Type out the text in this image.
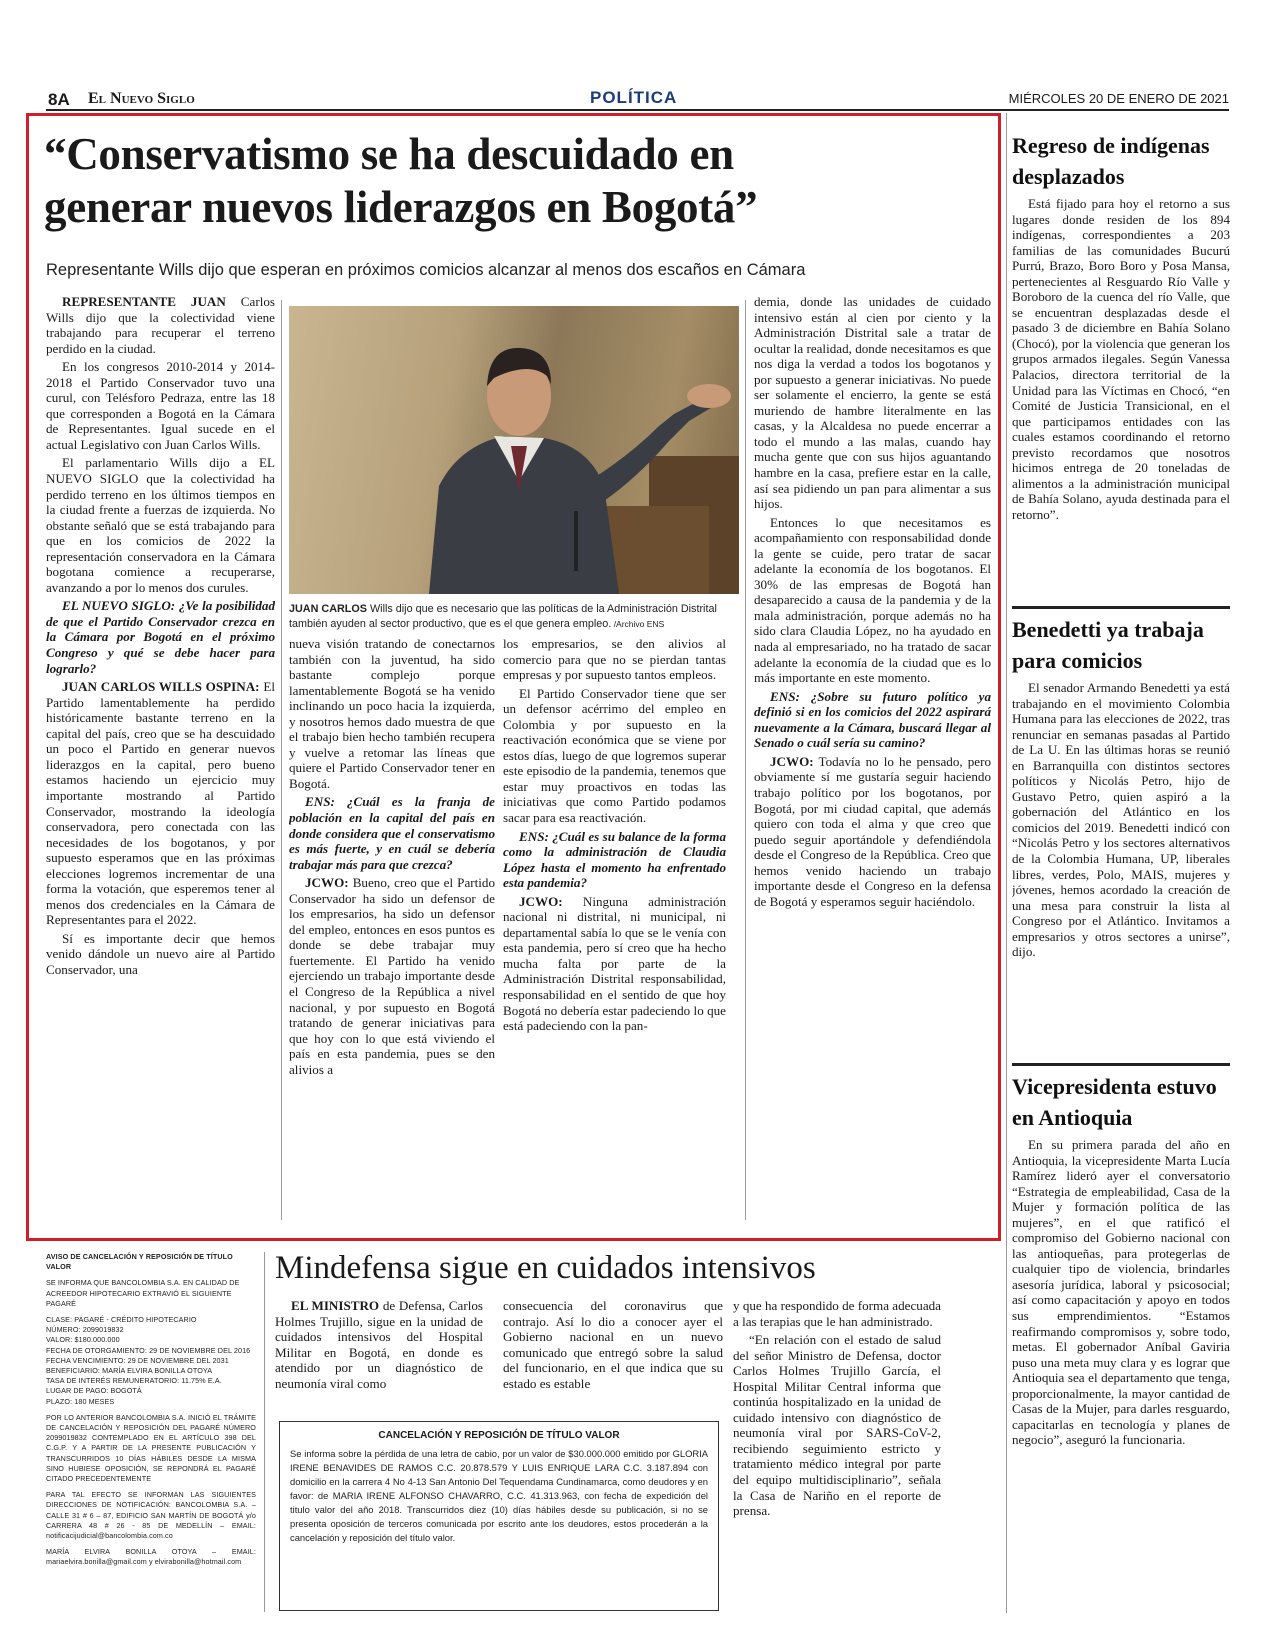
8A El Nuevo Siglo	POLÍTICA	MIÉRCOLES 20 DE ENERO DE 2021
“Conservatismo se ha descuidado en
generar nuevos liderazgos en Bogotá”
Representante Wills dijo que esperan en próximos comicios alcanzar al menos dos escaños en Cámara
JUAN CARLOS Wills dijo que es necesario que las políticas de la Administración Distrital también ayuden al sector productivo, que es el que genera empleo. /Archivo ENS

REPRESENTANTE JUAN Carlos Wills dijo que la colectividad viene trabajando para recuperar el terreno perdido en la ciudad.

En los congresos 2010-2014 y 2014-2018 el Partido Conservador tuvo una curul, con Telésforo Pedraza, entre las 18 que corresponden a Bogotá en la Cámara de Representantes. Igual sucede en el actual Legislativo con Juan Carlos Wills.

El parlamentario Wills dijo a EL NUEVO SIGLO que la colectividad ha perdido terreno en los últimos tiempos en la ciudad frente a fuerzas de izquierda. No obstante señaló que se está trabajando para que en los comicios de 2022 la representación conservadora en la Cámara bogotana comience a recuperarse, avanzando a por lo menos dos curules.

EL NUEVO SIGLO: ¿Ve la posibilidad de que el Partido Conservador crezca en la Cámara por Bogotá en el próximo Congreso y qué se debe hacer para lograrlo?

JUAN CARLOS WILLS OSPINA: El Partido lamentablemente ha perdido históricamente bastante terreno en la capital del país, creo que se ha descuidado un poco el Partido en generar nuevos liderazgos en la capital, pero bueno estamos haciendo un ejercicio muy importante mostrando al Partido Conservador, mostrando la ideología conservadora, pero conectada con las necesidades de los bogotanos, y por supuesto esperamos que en las próximas elecciones logremos incrementar de una forma la votación, que esperemos tener al menos dos credenciales en la Cámara de Representantes para el 2022.

Sí es importante decir que hemos venido dándole un nuevo aire al Partido Conservador, una

nueva visión tratando de conectarnos también con la juventud, ha sido bastante complejo porque lamentablemente Bogotá se ha venido inclinando un poco hacia la izquierda, y nosotros hemos dado muestra de que el trabajo bien hecho también recupera y vuelve a retomar las líneas que quiere el Partido Conservador tener en Bogotá.

ENS: ¿Cuál es la franja de población en la capital del país en donde considera que el conservatismo es más fuerte, y en cuál se debería trabajar más para que crezca?

JCWO: Bueno, creo que el Partido Conservador ha sido un defensor de los empresarios, ha sido un defensor del empleo, entonces en esos puntos es donde se debe trabajar muy fuertemente. El Partido ha venido ejerciendo un trabajo importante desde el Congreso de la República a nivel nacional, y por supuesto en Bogotá tratando de generar iniciativas para que hoy con lo que está viviendo el país en esta pandemia, pues se den alivios a

los empresarios, se den alivios al comercio para que no se pierdan tantas empresas y por supuesto tantos empleos.

El Partido Conservador tiene que ser un defensor acérrimo del empleo en Colombia y por supuesto en la reactivación económica que se viene por estos días, luego de que logremos superar este episodio de la pandemia, tenemos que estar muy proactivos en todas las iniciativas que como Partido podamos sacar para esa reactivación.

ENS: ¿Cuál es su balance de la forma como la administración de Claudia López hasta el momento ha enfrentado esta pandemia?

JCWO: Ninguna administración nacional ni distrital, ni municipal, ni departamental sabía lo que se le venía con esta pandemia, pero sí creo que ha hecho mucha falta por parte de la Administración Distrital responsabilidad, responsabilidad en el sentido de que hoy Bogotá no debería estar padeciendo lo que está padeciendo con la pan-

demia, donde las unidades de cuidado intensivo están al cien por ciento y la Administración Distrital sale a tratar de ocultar la realidad, donde necesitamos es que nos diga la verdad a todos los bogotanos y por supuesto a generar iniciativas. No puede ser solamente el encierro, la gente se está muriendo de hambre literalmente en las casas, y la Alcaldesa no puede encerrar a todo el mundo a las malas, cuando hay mucha gente que con sus hijos aguantando hambre en la casa, prefiere estar en la calle, así sea pidiendo un pan para alimentar a sus hijos.

Entonces lo que necesitamos es acompañamiento con responsabilidad donde la gente se cuide, pero tratar de sacar adelante la economía de los bogotanos. El 30% de las empresas de Bogotá han desaparecido a causa de la pandemia y de la mala administración, porque además no ha sido clara Claudia López, no ha ayudado en nada al empresariado, no ha tratado de sacar adelante la economía de la ciudad que es lo más importante en este momento.

ENS: ¿Sobre su futuro político ya definió si en los comicios del 2022 aspirará nuevamente a la Cámara, buscará llegar al Senado o cuál sería su camino?

JCWO: Todavía no lo he pensado, pero obviamente sí me gustaría seguir haciendo trabajo político por los bogotanos, por Bogotá, por mi ciudad capital, que además quiero con toda el alma y que creo que puedo seguir aportándole y defendiéndola desde el Congreso de la República. Creo que hemos venido haciendo un trabajo importante desde el Congreso en la defensa de Bogotá y esperamos seguir haciéndolo.

Regreso de indígenas desplazados
Está fijado para hoy el retorno a sus lugares donde residen de los 894 indígenas, correspondientes a 203 familias de las comunidades Bucurú Purrú, Brazo, Boro Boro y Posa Mansa, pertenecientes al Resguardo Río Valle y Boroboro de la cuenca del río Valle, que se encuentran desplazadas desde el pasado 3 de diciembre en Bahía Solano (Chocó), por la violencia que generan los grupos armados ilegales. Según Vanessa Palacios, directora territorial de la Unidad para las Víctimas en Chocó, “en Comité de Justicia Transicional, en el que participamos entidades con las cuales estamos coordinando el retorno previsto recordamos que nosotros hicimos entrega de 20 toneladas de alimentos a la administración municipal de Bahía Solano, ayuda destinada para el retorno”.
Benedetti ya trabaja para comicios
El senador Armando Benedetti ya está trabajando en el movimiento Colombia Humana para las elecciones de 2022, tras renunciar en semanas pasadas al Partido de La U. En las últimas horas se reunió en Barranquilla con distintos sectores políticos y Nicolás Petro, hijo de Gustavo Petro, quien aspiró a la gobernación del Atlántico en los comicios del 2019. Benedetti indicó con “Nicolás Petro y los sectores alternativos de la Colombia Humana, UP, liberales libres, verdes, Polo, MAIS, mujeres y jóvenes, hemos acordado la creación de una mesa para construir la lista al Congreso por el Atlántico. Invitamos a empresarios y otros sectores a unirse”, dijo.
Vicepresidenta estuvo en Antioquia
En su primera parada del año en Antioquia, la vicepresidente Marta Lucía Ramírez lideró ayer el conversatorio “Estrategia de empleabilidad, Casa de la Mujer y formación política de las mujeres”, en el que ratificó el compromiso del Gobierno nacional con las antioqueñas, para protegerlas de cualquier tipo de violencia, brindarles asesoría jurídica, laboral y psicosocial; así como capacitación y apoyo en todos sus emprendimientos. “Estamos reafirmando compromisos y, sobre todo, metas. El gobernador Aníbal Gaviria puso una meta muy clara y es lograr que Antioquia sea el departamento que tenga, proporcionalmente, la mayor cantidad de Casas de la Mujer, para darles resguardo, capacitarlas en tecnología y planes de negocio”, aseguró la funcionaria.
AVISO DE CANCELACIÓN Y REPOSICIÓN DE TÍTULO VALOR
SE INFORMA QUE BANCOLOMBIA S.A. EN CALIDAD DE ACREEDOR HIPOTECARIO EXTRAVIÓ EL SIGUIENTE PAGARÉ
CLASE: PAGARÉ - CRÉDITO HIPOTECARIO
NÚMERO: 2099019832
VALOR: $180.000.000
FECHA DE OTORGAMIENTO: 29 DE NOVIEMBRE DEL 2016
FECHA VENCIMIENTO: 29 DE NOVIEMBRE DEL 2031
BENEFICIARIO: MARÍA ELVIRA BONILLA OTOYA
TASA DE INTERÉS REMUNERATORIO: 11.75% E.A.
LUGAR DE PAGO: BOGOTÁ
PLAZO: 180 MESES
POR LO ANTERIOR BANCOLOMBIA S.A. INICIÓ EL TRÁMITE DE CANCELACIÓN Y REPOSICIÓN DEL PAGARÉ NÚMERO 2099019832 CONTEMPLADO EN EL ARTÍCULO 398 DEL C.G.P. Y A PARTIR DE LA PRESENTE PUBLICACIÓN Y TRANSCURRIDOS 10 DÍAS HÁBILES DESDE LA MISMA SINO HUBIESE OPOSICIÓN, SE REPONDRÁ EL PAGARÉ CITADO PRECEDENTEMENTE
PARA TAL EFECTO SE INFORMAN LAS SIGUIENTES DIRECCIONES DE NOTIFICACIÓN: BANCOLOMBIA S.A. – CALLE 31 # 6 – 87, EDIFICIO SAN MARTÍN DE BOGOTÁ y/o CARRERA 48 # 26 - 85 DE MEDELLÍN – EMAIL: notificacijudicial@bancolombia.com.co
MARÍA ELVIRA BONILLA OTOYA – EMAIL: mariaelvira.bonilla@gmail.com y elvirabonilla@hotmail.com
Mindefensa sigue en cuidados intensivos

EL MINISTRO de Defensa, Carlos Holmes Trujillo, sigue en la unidad de cuidados intensivos del Hospital Militar en Bogotá, en donde es atendido por un diagnóstico de neumonía viral como

consecuencia del coronavirus que contrajo. Así lo dio a conocer ayer el Gobierno nacional en un nuevo comunicado que entregó sobre la salud del funcionario, en el que indica que su estado es estable

y que ha respondido de forma adecuada a las terapias que le han administrado.

“En relación con el estado de salud del señor Ministro de Defensa, doctor Carlos Holmes Trujillo García, el Hospital Militar Central informa que continúa hospitalizado en la unidad de cuidado intensivo con diagnóstico de neumonía viral por SARS-CoV-2, recibiendo seguimiento estricto y tratamiento médico integral por parte del equipo multidisciplinario”, señala la Casa de Nariño en el reporte de prensa.

CANCELACIÓN Y REPOSICIÓN DE TÍTULO VALOR
Se informa sobre la pérdida de una letra de cabio, por un valor de $30.000.000 emitido por GLORIA IRENE BENAVIDES DE RAMOS C.C. 20.878.579 Y LUIS ENRIQUE LARA C.C. 3.187.894 con domicilio en la carrera 4 No 4-13 San Antonio Del Tequendama Cundinamarca, como deudores y en favor: de MARIA IRENE ALFONSO CHAVARRO, C.C. 41.313.963, con fecha de expedición del titulo valor del año 2018. Transcurridos diez (10) días hábiles desde su publicación, si no se presenta oposición de terceros comunicada por escrito ante los deudores, estos procederán a la cancelación y reposición del título valor.
